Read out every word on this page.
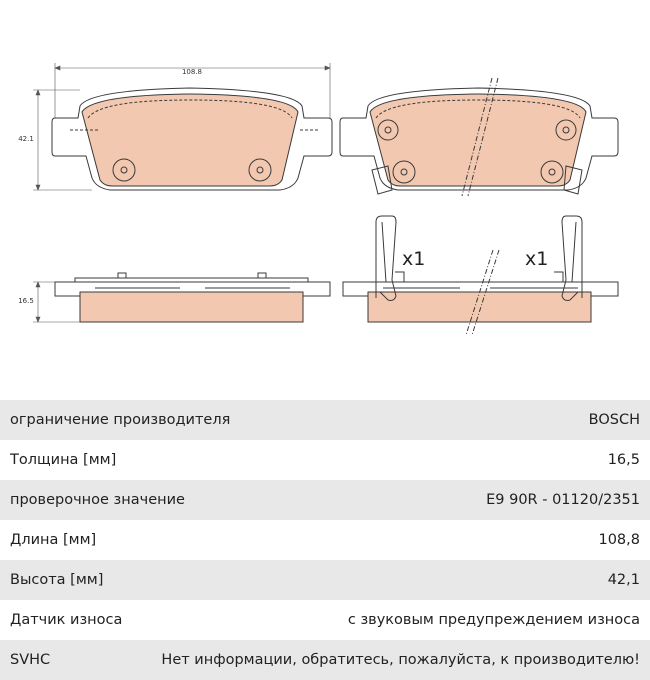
108.8
42.1
16.5
x1	x1
ограничение производителя	BOSCH
Толщина [мм]	16,5
проверочное значение	E9 90R - 01120/2351
Длина [мм]	108,8
Высота [мм]	42,1
Датчик износа	с звуковым предупреждением износа
SVHC	Нет информации, обратитесь, пожалуйста, к производителю!
